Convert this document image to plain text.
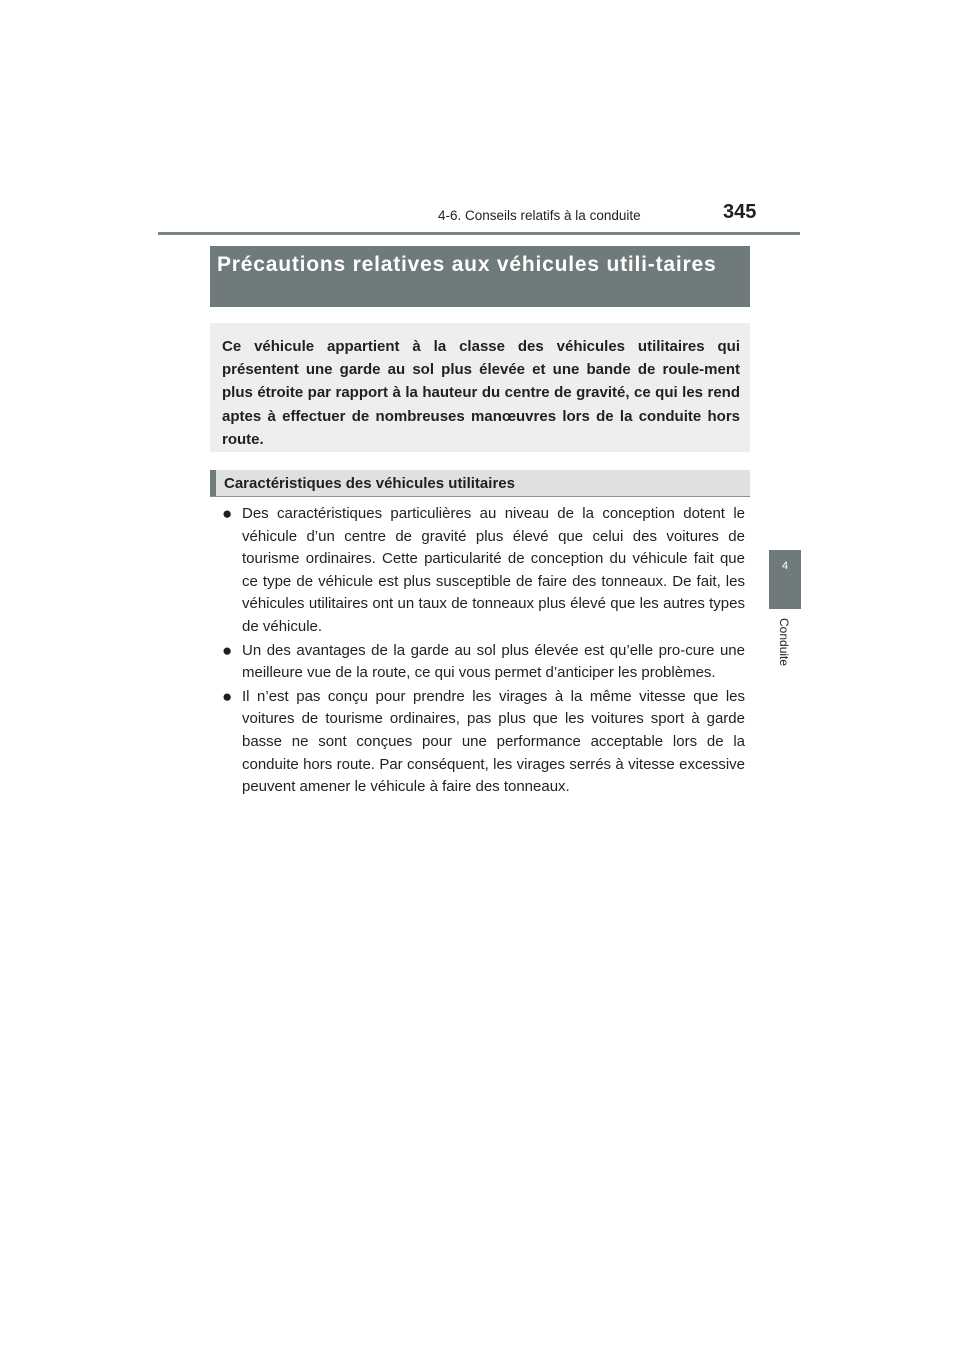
4-6. Conseils relatifs à la conduite	345
4
Conduite
Précautions relatives aux véhicules utili-taires
Ce véhicule appartient à la classe des véhicules utilitaires qui présentent une garde au sol plus élevée et une bande de roule-ment plus étroite par rapport à la hauteur du centre de gravité, ce qui les rend aptes à effectuer de nombreuses manœuvres lors de la conduite hors route.
Caractéristiques des véhicules utilitaires
● Des caractéristiques particulières au niveau de la conception dotent le véhicule d’un centre de gravité plus élevé que celui des voitures de tourisme ordinaires. Cette particularité de conception du véhicule fait que ce type de véhicule est plus susceptible de faire des tonneaux. De fait, les véhicules utilitaires ont un taux de tonneaux plus élevé que les autres types de véhicule.
● Un des avantages de la garde au sol plus élevée est qu’elle pro-cure une meilleure vue de la route, ce qui vous permet d’anticiper les problèmes.
● Il n’est pas conçu pour prendre les virages à la même vitesse que les voitures de tourisme ordinaires, pas plus que les voitures sport à garde basse ne sont conçues pour une performance acceptable lors de la conduite hors route. Par conséquent, les virages serrés à vitesse excessive peuvent amener le véhicule à faire des tonneaux.
